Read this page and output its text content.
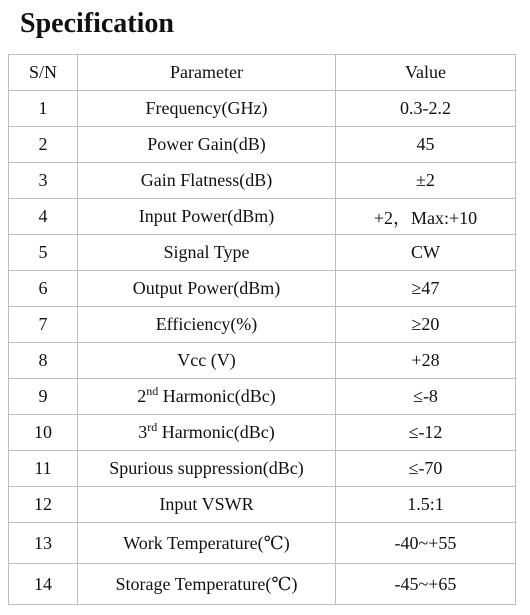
Specification
S/N	Parameter	Value
1	Frequency(GHz)	0.3-2.2
2	Power Gain(dB)	45
3	Gain Flatness(dB)	±2
4	Input Power(dBm)	+2，Max:+10
5	Signal Type	CW
6	Output Power(dBm)	≥47
7	Efficiency(%)	≥20
8	Vcc (V)	+28
9	2nd Harmonic(dBc)	≤-8
10	3rd Harmonic(dBc)	≤-12
11	Spurious suppression(dBc)	≤-70
12	Input VSWR	1.5:1
13	Work Temperature(℃)	-40~+55
14	Storage Temperature(℃)	-45~+65
